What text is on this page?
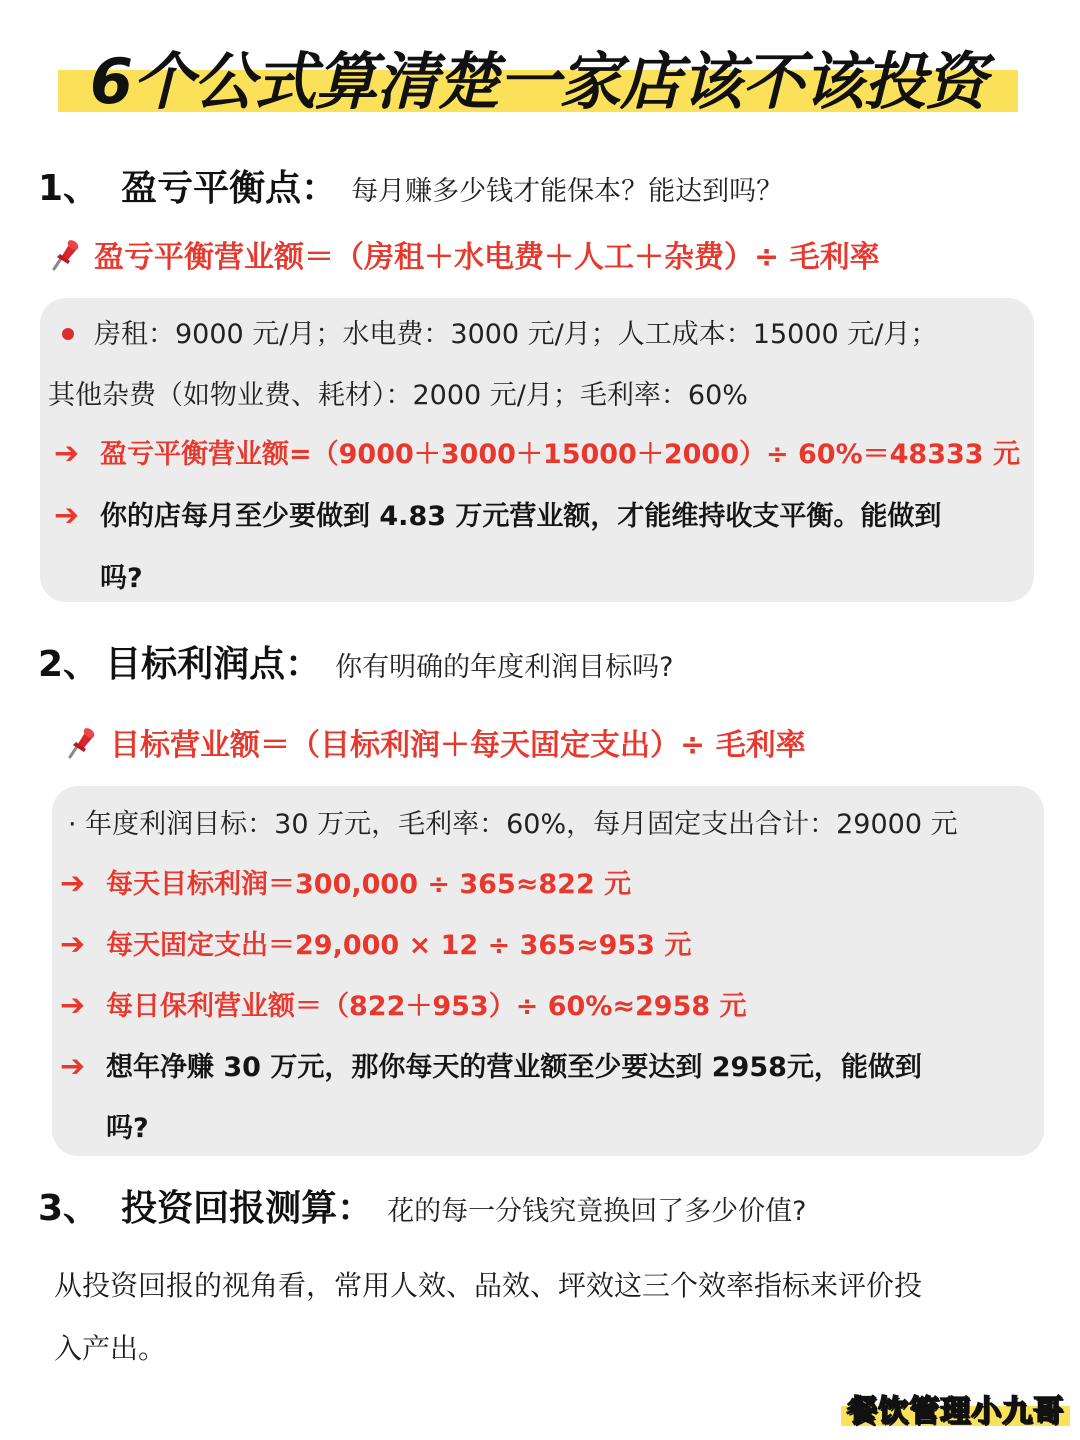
6个公式算清楚一家店该不该投资
1、 盈亏平衡点： 每月赚多少钱才能保本？能达到吗？
盈亏平衡营业额＝（房租＋水电费＋人工＋杂费）÷ 毛利率
房租：9000 元/月；水电费：3000 元/月；人工成本：15000 元/月；
其他杂费（如物业费、耗材）：2000 元/月；毛利率：60%
➔ 盈亏平衡营业额=（9000＋3000＋15000＋2000）÷ 60%＝48333 元
➔ 你的店每月至少要做到 4.83 万元营业额，才能维持收支平衡。能做到
吗?
2、 目标利润点： 你有明确的年度利润目标吗?
目标营业额＝（目标利润＋每天固定支出）÷ 毛利率
· 年度利润目标：30 万元，毛利率：60%，每月固定支出合计：29000 元
➔ 每天目标利润＝300,000 ÷ 365≈822 元
➔ 每天固定支出＝29,000 × 12 ÷ 365≈953 元
➔ 每日保利营业额＝（822＋953）÷ 60%≈2958 元
➔ 想年净赚 30 万元，那你每天的营业额至少要达到 2958元，能做到
吗?
3、 投资回报测算： 花的每一分钱究竟换回了多少价值?
从投资回报的视角看，常用人效、品效、坪效这三个效率指标来评价投
入产出。
餐饮管理小九哥
